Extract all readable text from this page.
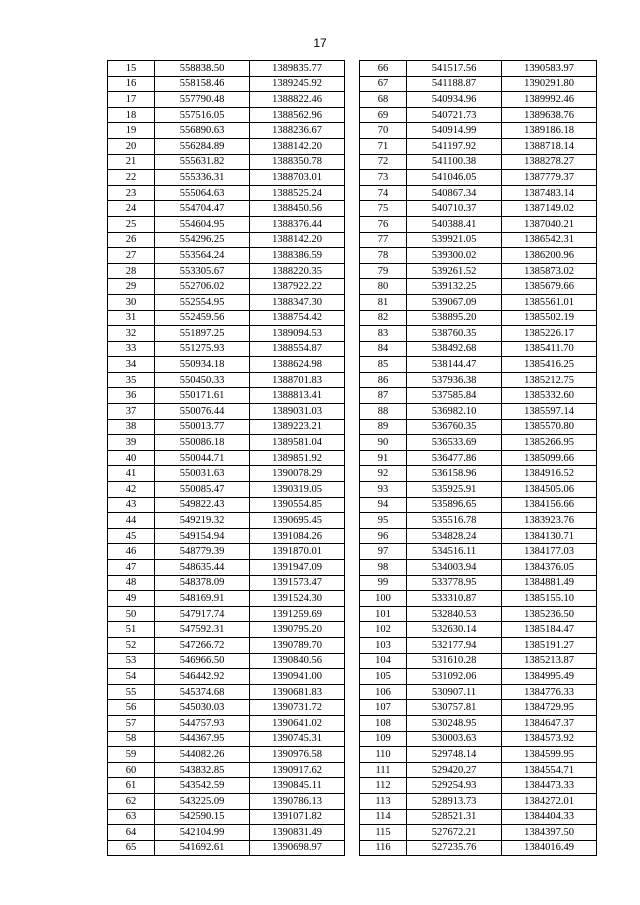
17
15	558838.50	1389835.77
16	558158.46	1389245.92
17	557790.48	1388822.46
18	557516.05	1388562.96
19	556890.63	1388236.67
20	556284.89	1388142.20
21	555631.82	1388350.78
22	555336.31	1388703.01
23	555064.63	1388525.24
24	554704.47	1388450.56
25	554604.95	1388376.44
26	554296.25	1388142.20
27	553564.24	1388386.59
28	553305.67	1388220.35
29	552706.02	1387922.22
30	552554.95	1388347.30
31	552459.56	1388754.42
32	551897.25	1389094.53
33	551275.93	1388554.87
34	550934.18	1388624.98
35	550450.33	1388701.83
36	550171.61	1388813.41
37	550076.44	1389031.03
38	550013.77	1389223.21
39	550086.18	1389581.04
40	550044.71	1389851.92
41	550031.63	1390078.29
42	550085.47	1390319.05
43	549822.43	1390554.85
44	549219.32	1390695.45
45	549154.94	1391084.26
46	548779.39	1391870.01
47	548635.44	1391947.09
48	548378.09	1391573.47
49	548169.91	1391524.30
50	547917.74	1391259.69
51	547592.31	1390795.20
52	547266.72	1390789.70
53	546966.50	1390840.56
54	546442.92	1390941.00
55	545374.68	1390681.83
56	545030.03	1390731.72
57	544757.93	1390641.02
58	544367.95	1390745.31
59	544082.26	1390976.58
60	543832.85	1390917.62
61	543542.59	1390845.11
62	543225.09	1390786.13
63	542590.15	1391071.82
64	542104.99	1390831.49
65	541692.61	1390698.97
66	541517.56	1390583.97
67	541188.87	1390291.80
68	540934.96	1389992.46
69	540721.73	1389638.76
70	540914.99	1389186.18
71	541197.92	1388718.14
72	541100.38	1388278.27
73	541046.05	1387779.37
74	540867.34	1387483.14
75	540710.37	1387149.02
76	540388.41	1387040.21
77	539921.05	1386542.31
78	539300.02	1386200.96
79	539261.52	1385873.02
80	539132.25	1385679.66
81	539067.09	1385561.01
82	538895.20	1385502.19
83	538760.35	1385226.17
84	538492.68	1385411.70
85	538144.47	1385416.25
86	537936.38	1385212.75
87	537585.84	1385332.60
88	536982.10	1385597.14
89	536760.35	1385570.80
90	536533.69	1385266.95
91	536477.86	1385099.66
92	536158.96	1384916.52
93	535925.91	1384505.06
94	535896.65	1384156.66
95	535516.78	1383923.76
96	534828.24	1384130.71
97	534516.11	1384177.03
98	534003.94	1384376.05
99	533778.95	1384881.49
100	533310.87	1385155.10
101	532840.53	1385236.50
102	532630.14	1385184.47
103	532177.94	1385191.27
104	531610.28	1385213.87
105	531092.06	1384995.49
106	530907.11	1384776.33
107	530757.81	1384729.95
108	530248.95	1384647.37
109	530003.63	1384573.92
110	529748.14	1384599.95
111	529420.27	1384554.71
112	529254.93	1384473.33
113	528913.73	1384272.01
114	528521.31	1384404.33
115	527672.21	1384397.50
116	527235.76	1384016.49
